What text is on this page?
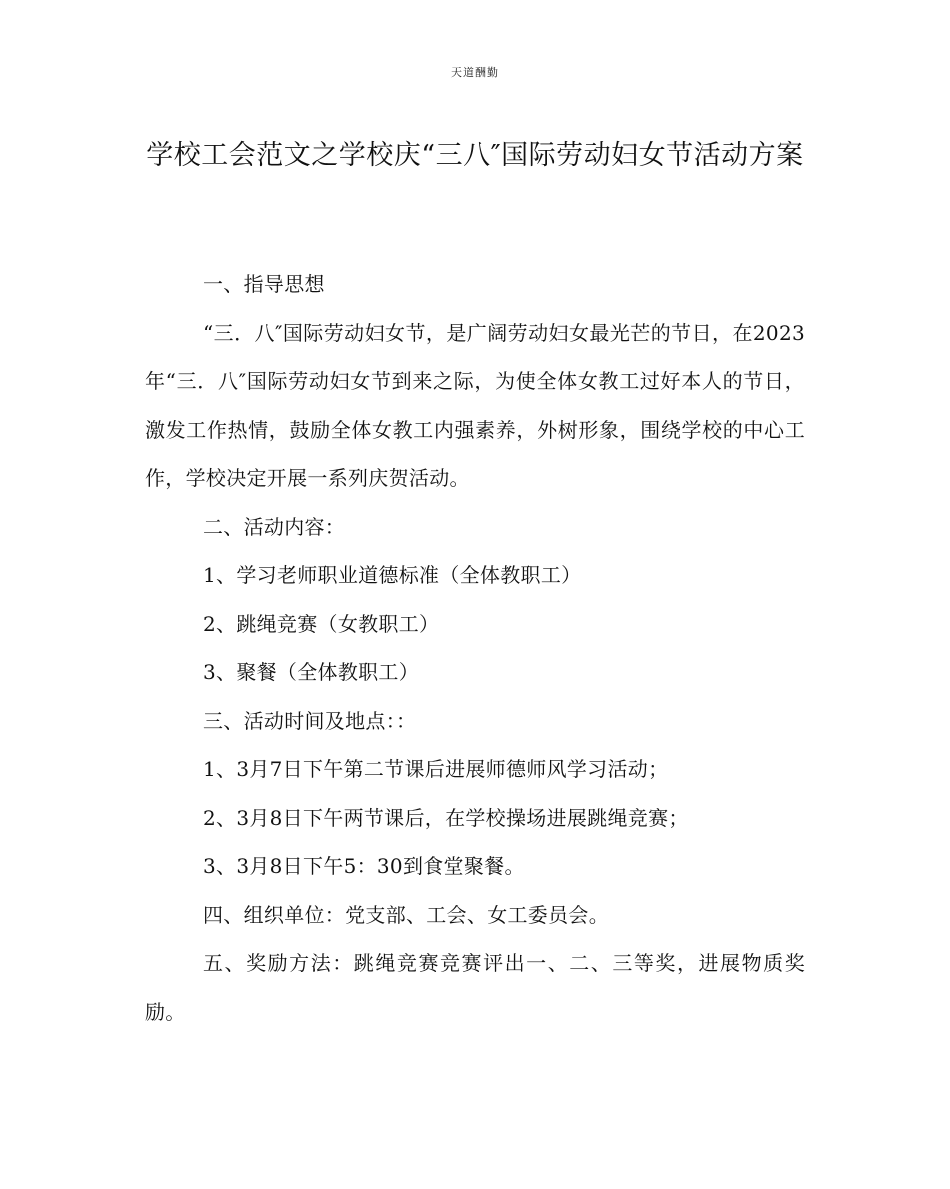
天道酬勤
学校工会范文之学校庆“三八″国际劳动妇女节活动方案

一、指导思想

“三．八″国际劳动妇女节，是广阔劳动妇女最光芒的节日，在2023年“三．八″国际劳动妇女节到来之际，为使全体女教工过好本人的节日，激发工作热情，鼓励全体女教工内强素养，外树形象，围绕学校的中心工作，学校决定开展一系列庆贺活动。

二、活动内容：

1、学习老师职业道德标准（全体教职工）

2、跳绳竞赛（女教职工）

3、聚餐（全体教职工）

三、活动时间及地点：：

1、3月7日下午第二节课后进展师德师风学习活动；

2、3月8日下午两节课后，在学校操场进展跳绳竞赛；

3、3月8日下午5：30到食堂聚餐。

四、组织单位：党支部、工会、女工委员会。

五、奖励方法：跳绳竞赛竞赛评出一、二、三等奖，进展物质奖励。
